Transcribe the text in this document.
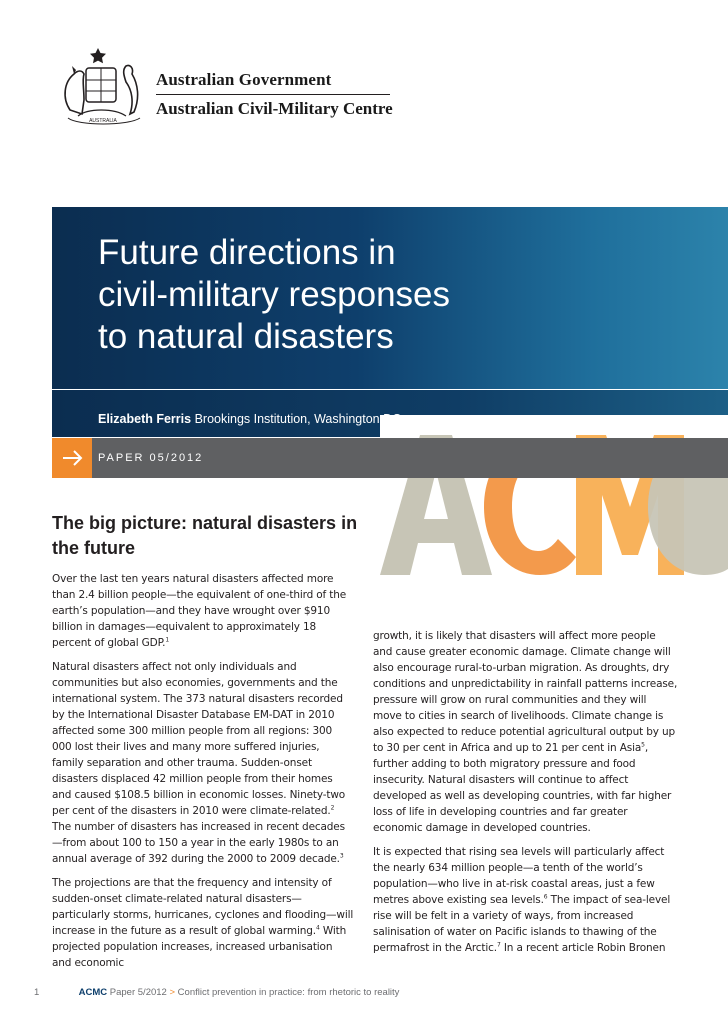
AUSTRALIA
Australian Government
Australian Civil-Military Centre
Future directions in
civil-military responses
to natural disasters
Elizabeth Ferris Brookings Institution, Washington DC
PAPER 05/2012
The big picture: natural disasters in the future

Over the last ten years natural disasters affected more than 2.4 billion people—the equivalent of one-third of the earth’s population—and they have wrought over $910 billion in damages—equivalent to approximately 18 percent of global GDP.$^1$

Natural disasters affect not only individuals and communities but also economies, governments and the international system. The 373 natural disasters recorded by the International Disaster Database EM-DAT in 2010 affected some 300 million people from all regions: 300 000 lost their lives and many more suffered injuries, family separation and other trauma. Sudden-onset disasters displaced 42 million people from their homes and caused $108.5 billion in economic losses. Ninety-two per cent of the disasters in 2010 were climate-related.$^2$ The number of disasters has increased in recent decades—from about 100 to 150 a year in the early 1980s to an annual average of 392 during the 2000 to 2009 decade.$^3$

The projections are that the frequency and intensity of sudden-onset climate-related natural disasters—particularly storms, hurricanes, cyclones and flooding—will increase in the future as a result of global warming.$^4$ With projected population increases, increased urbanisation and economic

growth, it is likely that disasters will affect more people and cause greater economic damage. Climate change will also encourage rural-to-urban migration. As droughts, dry conditions and unpredictability in rainfall patterns increase, pressure will grow on rural communities and they will move to cities in search of livelihoods. Climate change is also expected to reduce potential agricultural output by up to 30 per cent in Africa and up to 21 per cent in Asia$^5$, further adding to both migratory pressure and food insecurity. Natural disasters will continue to affect developed as well as developing countries, with far higher loss of life in developing countries and far greater economic damage in developed countries.

It is expected that rising sea levels will particularly affect the nearly 634 million people—a tenth of the world’s population—who live in at-risk coastal areas, just a few metres above existing sea levels.$^6$ The impact of sea-level rise will be felt in a variety of ways, from increased salinisation of water on Pacific islands to thawing of the permafrost in the Arctic.$^7$ In a recent article Robin Bronen

1	ACMC Paper 5/2012 > Conflict prevention in practice: from rhetoric to reality
